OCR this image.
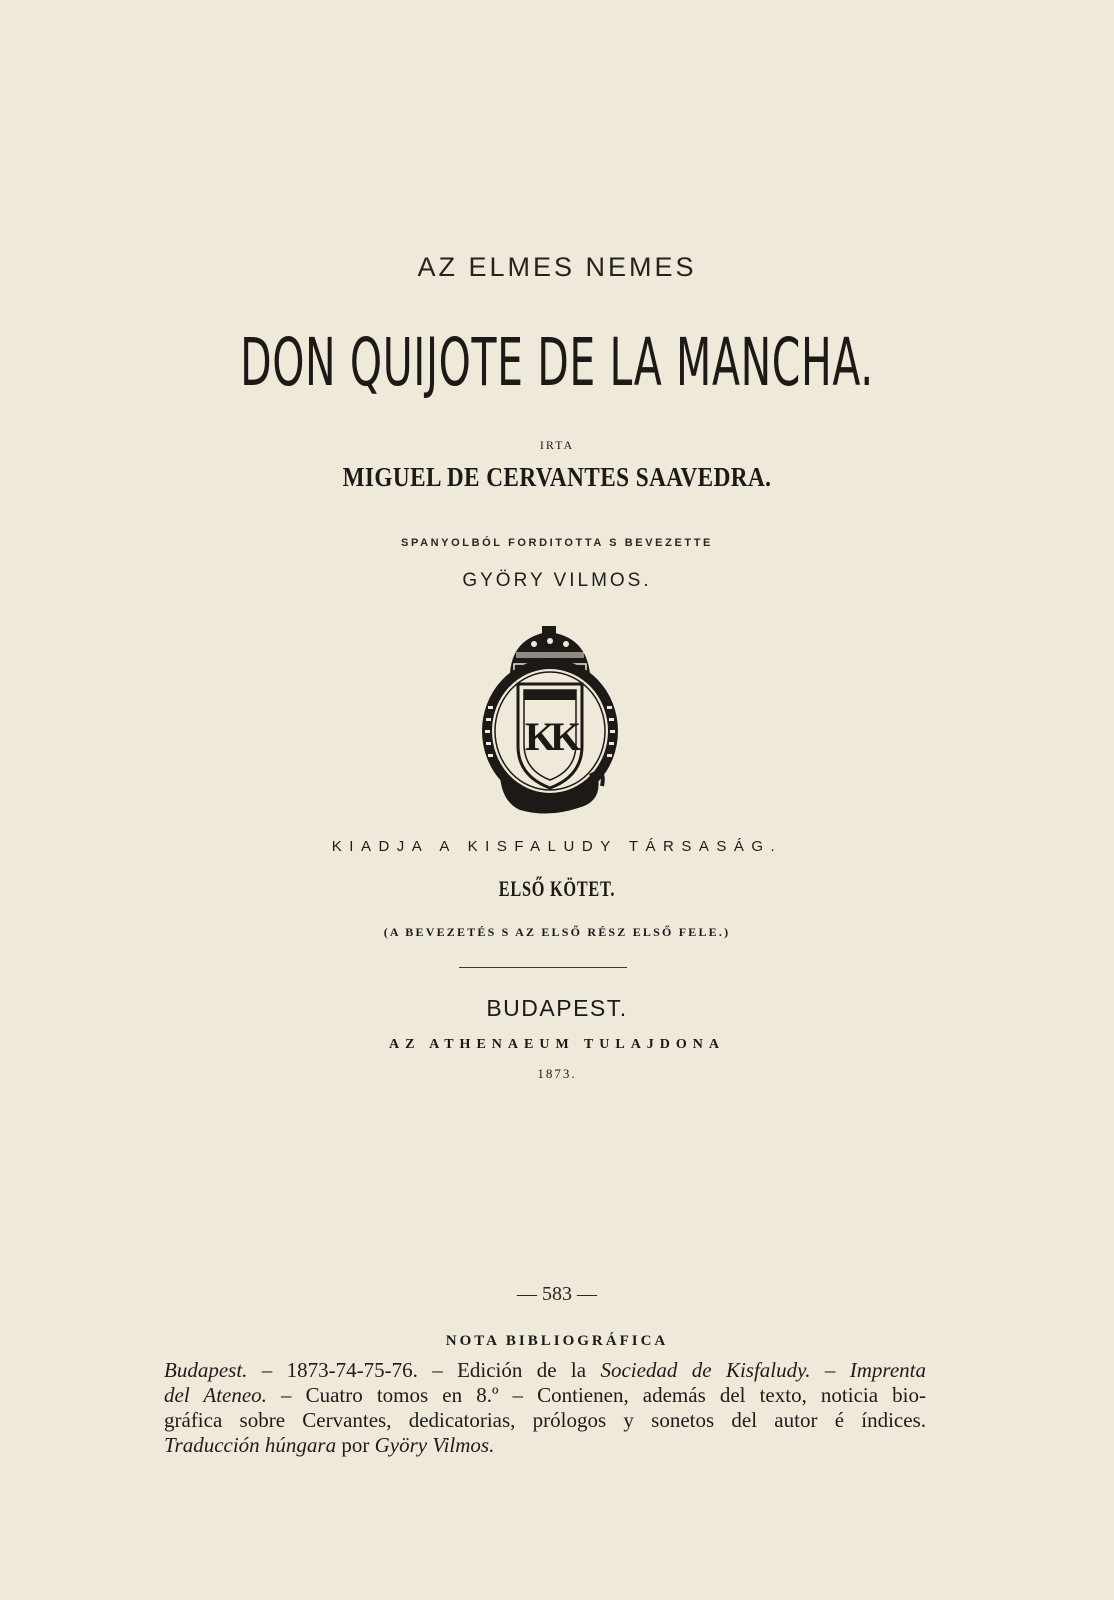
AZ ELMES NEMES
DON QUIJOTE DE LA MANCHA.
IRTA
MIGUEL DE CERVANTES SAAVEDRA.
SPANYOLBÓL FORDITOTTA S BEVEZETTE
GYÖRY VILMOS.
KK
KIADJA A KISFALUDY TÁRSASÁG.
ELSŐ KÖTET.
(A BEVEZETÉS S AZ ELSŐ RÉSZ ELSŐ FELE.)
BUDAPEST.
AZ ATHENAEUM TULAJDONA
1873.
— 583 —
NOTA BIBLIOGRÁFICA
Budapest. – 1873-74-75-76. – Edición de la Sociedad de Kisfaludy. – Imprenta
del Ateneo. – Cuatro tomos en 8.º – Contienen, además del texto, noticia bio-
gráfica sobre Cervantes, dedicatorias, prólogos y sonetos del autor é índices.
Traducción húngara por Györy Vilmos.
